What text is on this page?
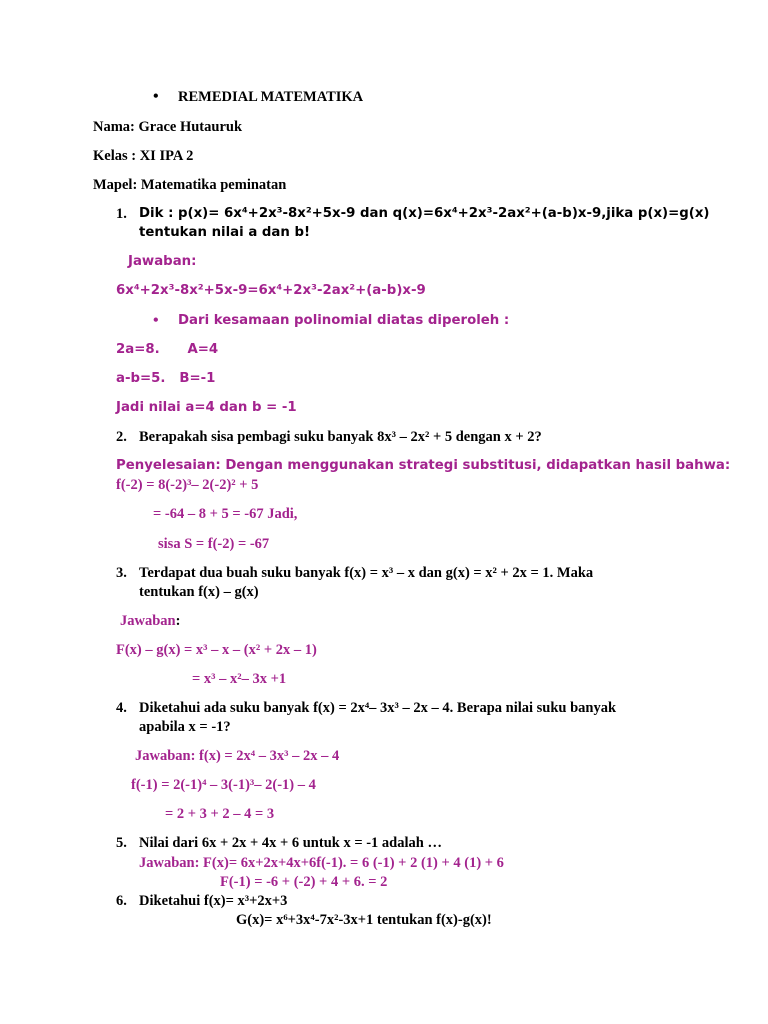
• REMEDIAL MATEMATIKA
Nama: Grace Hutauruk
Kelas : XI IPA 2
Mapel: Matematika peminatan
1. Dik : p(x)= 6x⁴+2x³-8x²+5x-9 dan q(x)=6x⁴+2x³-2ax²+(a-b)x-9,jika p(x)=g(x)
tentukan nilai a dan b!
Jawaban:
6x⁴+2x³-8x²+5x-9=6x⁴+2x³-2ax²+(a-b)x-9
• Dari kesamaan polinomial diatas diperoleh :
2a=8.      A=4
a-b=5.   B=-1
Jadi nilai a=4 dan b = -1
2. Berapakah sisa pembagi suku banyak 8x³ – 2x² + 5 dengan x + 2?
Penyelesaian: Dengan menggunakan strategi substitusi, didapatkan hasil bahwa:
f(-2) = 8(-2)³– 2(-2)² + 5
= -64 – 8 + 5 = -67 Jadi,
sisa S = f(-2) = -67
3. Terdapat dua buah suku banyak f(x) = x³ – x dan g(x) = x² + 2x = 1. Maka
tentukan f(x) – g(x)
Jawaban:
F(x) – g(x) = x³ – x – (x² + 2x – 1)
= x³ – x²– 3x +1
4. Diketahui ada suku banyak f(x) = 2x⁴– 3x³ – 2x – 4. Berapa nilai suku banyak
apabila x = -1?
Jawaban: f(x) = 2x⁴ – 3x³ – 2x – 4
f(-1) = 2(-1)⁴ – 3(-1)³– 2(-1) – 4
= 2 + 3 + 2 – 4 = 3
5. Nilai dari 6x + 2x + 4x + 6 untuk x = -1 adalah …
Jawaban: F(x)= 6x+2x+4x+6f(-1). = 6 (-1) + 2 (1) + 4 (1) + 6
F(-1) = -6 + (-2) + 4 + 6. = 2
6. Diketahui f(x)= x³+2x+3
G(x)= x⁶+3x⁴-7x²-3x+1 tentukan f(x)-g(x)!
